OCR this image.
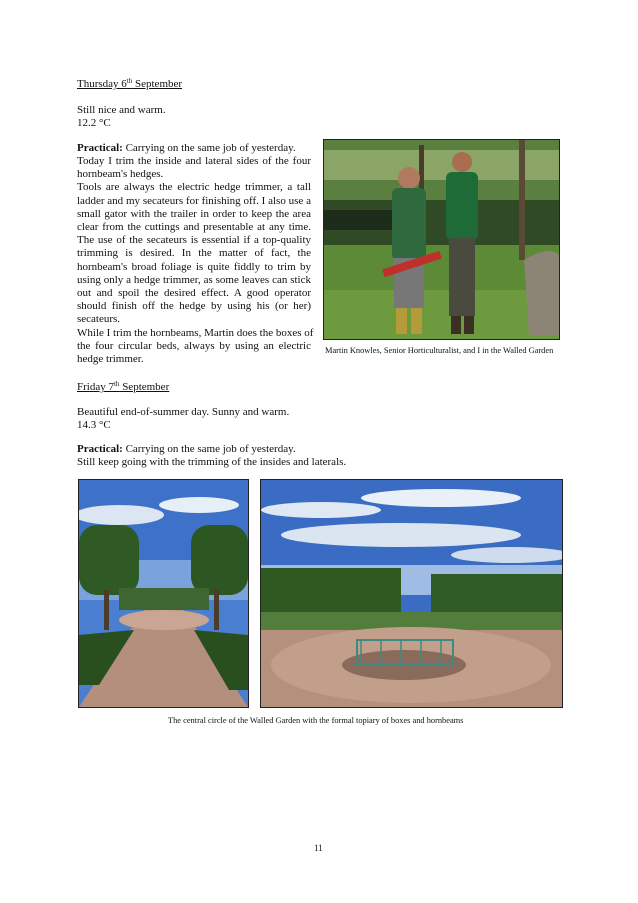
Thursday 6th September
Still nice and warm.
12.2 °C
Practical: Carrying on the same job of yesterday.
Today I trim the inside and lateral sides of the four
hornbeam's hedges.
Tools are always the electric hedge trimmer, a tall
ladder and my secateurs for finishing off. I also use a
small gator with the trailer in order to keep the area
clear from the cuttings and presentable at any time.
The use of the secateurs is essential if a top-quality
trimming is desired. In the matter of fact, the
hornbeam's broad foliage is quite fiddly to trim by
using only a hedge trimmer, as some leaves can stick
out and spoil the desired effect. A good operator
should finish off the hedge by using his (or her)
secateurs.
While I trim the hornbeams, Martin does the boxes of
the four circular beds, always by using an electric
hedge trimmer.
Martin Knowles, Senior Horticulturalist, and I in the Walled Garden
Friday 7th September
Beautiful end-of-summer day. Sunny and warm.
14.3 °C
Practical: Carrying on the same job of yesterday.
Still keep going with the trimming of the insides and laterals.
The central circle of the Walled Garden with the formal topiary of boxes and hornbeams
11
